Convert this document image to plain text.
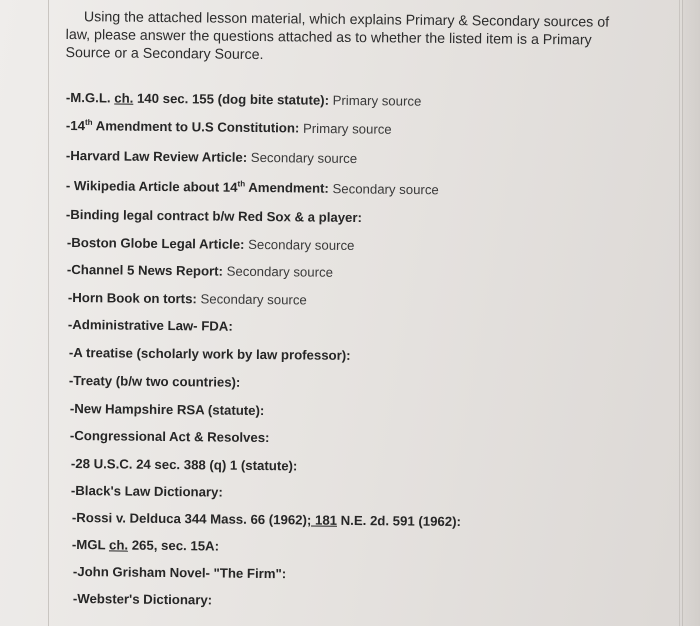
Using the attached lesson material, which explains Primary & Secondary sources of
law, please answer the questions attached as to whether the listed item is a Primary
Source or a Secondary Source.
-M.G.L. ch. 140 sec. 155 (dog bite statute): Primary source
-14th Amendment to U.S Constitution: Primary source
-Harvard Law Review Article: Secondary source
- Wikipedia Article about 14th Amendment: Secondary source
-Binding legal contract b/w Red Sox & a player:
-Boston Globe Legal Article: Secondary source
-Channel 5 News Report: Secondary source
-Horn Book on torts: Secondary source
-Administrative Law- FDA:
-A treatise (scholarly work by law professor):
-Treaty (b/w two countries):
-New Hampshire RSA (statute):
-Congressional Act & Resolves:
-28 U.S.C. 24 sec. 388 (q) 1 (statute):
-Black's Law Dictionary:
-Rossi v. Delduca 344 Mass. 66 (1962); 181 N.E. 2d. 591 (1962):
-MGL ch. 265, sec. 15A:
-John Grisham Novel- "The Firm":
-Webster's Dictionary:
